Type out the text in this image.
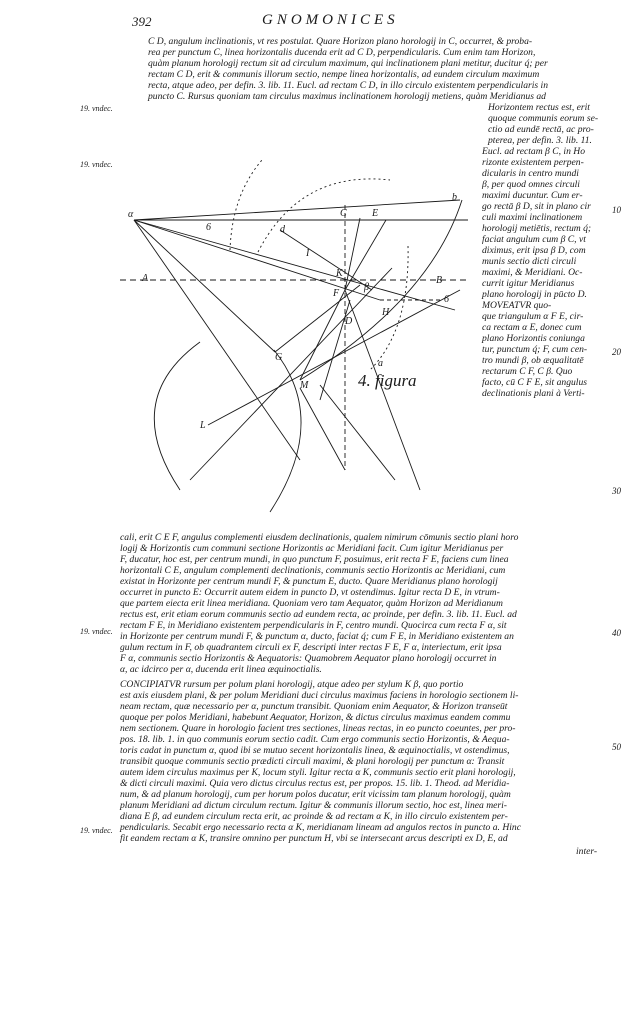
392	GNOMONICES
C D, angulum inclinationis, vt res postulat. Quare Horizon plano horologij in C, occurret, & proba-
rea per punctum C, linea horizontalis ducenda erit ad C D, perpendicularis. Cum enim tam Horizon,
quàm planum horologij rectum sit ad circulum maximum, qui inclinationem plani metitur, ducitur q́; per
rectam C D, erit & communis illorum sectio, nempe linea horizontalis, ad eundem circulum maximum
recta, atque adeo, per defin. 3. lib. 11. Eucl. ad rectam C D, in illo circulo existentem perpendicularis in
puncto C. Rursus quoniam tam circulus maximus inclinationem horologij metiens, quàm Meridianus ad
α
A	B
C	E
b
d
6
6
I
K
F
D
H
β
G
M
L
a
4. figura
Horizontem rectus est, erit
quoque communis eorum se-
ctio ad eundē rectā, ac pro-
pterea, per defin. 3. lib. 11.
Eucl. ad rectam β C, in Ho
rizonte existentem perpen-
dicularis in centro mundi
β, per quod omnes circuli
maximi ducuntur. Cum er-
go rectā β D, sit in plano cir
culi maximi inclinationem
horologij metiētis, rectum q́;
faciat angulum cum β C, vt
diximus, erit ipsa β D, com
munis sectio dicti circuli
maximi, & Meridiani. Oc-
currit igitur Meridianus
plano horologij in pūcto D.
MOVEATVR quo-
que triangulum α F E, cir-
ca rectam α E, donec cum
plano Horizontis coniunga
tur, punctum q́; F, cum cen-
tro mundi β, ob æqualitatē
rectarum C F, C β. Quo
facto, cū C F E, sit angulus
declinationis plani à Verti-
cali, erit C E F, angulus complementi eiusdem declinationis, qualem nimirum cōmunis sectio plani horo
logij & Horizontis cum communi sectione Horizontis ac Meridiani facit. Cum igitur Meridianus per
F, ducatur, hoc est, per centrum mundi, in quo punctum F, posuimus, erit recta F E, faciens cum linea
horizontali C E, angulum complementi declinationis, communis sectio Horizontis ac Meridiani, cum
existat in Horizonte per centrum mundi F, & punctum E, ducto. Quare Meridianus plano horologij
occurret in puncto E: Occurrit autem eidem in puncto D, vt ostendimus. Igitur recta D E, in vtrum-
que partem eiecta erit linea meridiana. Quoniam vero tam Aequator, quàm Horizon ad Meridianum
rectus est, erit etiam eorum communis sectio ad eundem recta, ac proinde, per defin. 3. lib. 11. Eucl. ad
rectam F E, in Meridiano existentem perpendicularis in F, centro mundi. Quocirca cum recta F α, sit
in Horizonte per centrum mundi F, & punctum α, ducto, faciat q́; cum F E, in Meridiano existentem an
gulum rectum in F, ob quadrantem circuli ex F, descripti inter rectas F E, F α, interiectum, erit ipsa
F α, communis sectio Horizontis & Aequatoris: Quamobrem Aequator plano horologij occurret in
α, ac idcirco per α, ducenda erit linea æquinoctialis.
CONCIPIATVR rursum per polum plani horologij, atque adeo per stylum K β, quo portio
est axis eiusdem plani, & per polum Meridiani duci circulus maximus faciens in horologio sectionem li-
neam rectam, quæ necessario per α, punctum transibit. Quoniam enim Aequator, & Horizon transeūt
quoque per polos Meridiani, habebunt Aequator, Horizon, & dictus circulus maximus eandem commu
nem sectionem. Quare in horologio facient tres sectiones, lineas rectas, in eo puncto coeuntes, per pro-
pos. 18. lib. 1. in quo communis eorum sectio cadit. Cum ergo communis sectio Horizontis, & Aequa-
toris cadat in punctum α, quod ibi se mutuo secent horizontalis linea, & æquinoctialis, vt ostendimus,
transibit quoque communis sectio prædicti circuli maximi, & plani horologij per punctum α: Transit
autem idem circulus maximus per K, locum styli. Igitur recta α K, communis sectio erit plani horologij,
& dicti circuli maximi. Quia vero dictus circulus rectus est, per propos. 15. lib. 1. Theod. ad Meridia-
num, & ad planum horologij, cum per horum polos ducatur, erit vicissim tam planum horologij, quàm
planum Meridiani ad dictum circulum rectum. Igitur & communis illorum sectio, hoc est, linea meri-
diana E β, ad eundem circulum recta erit, ac proinde & ad rectam α K, in illo circulo existentem per-
pendicularis. Secabit ergo necessario recta α K, meridianam lineam ad angulos rectos in puncto a. Hinc
fit eandem rectam α K, transire omnino per punctum H, vbi se intersecant arcus descripti ex D, E, ad
inter-
19. vndec.
19. vndec.
19. vndec.
19. vndec.
10
20
30
40
50
